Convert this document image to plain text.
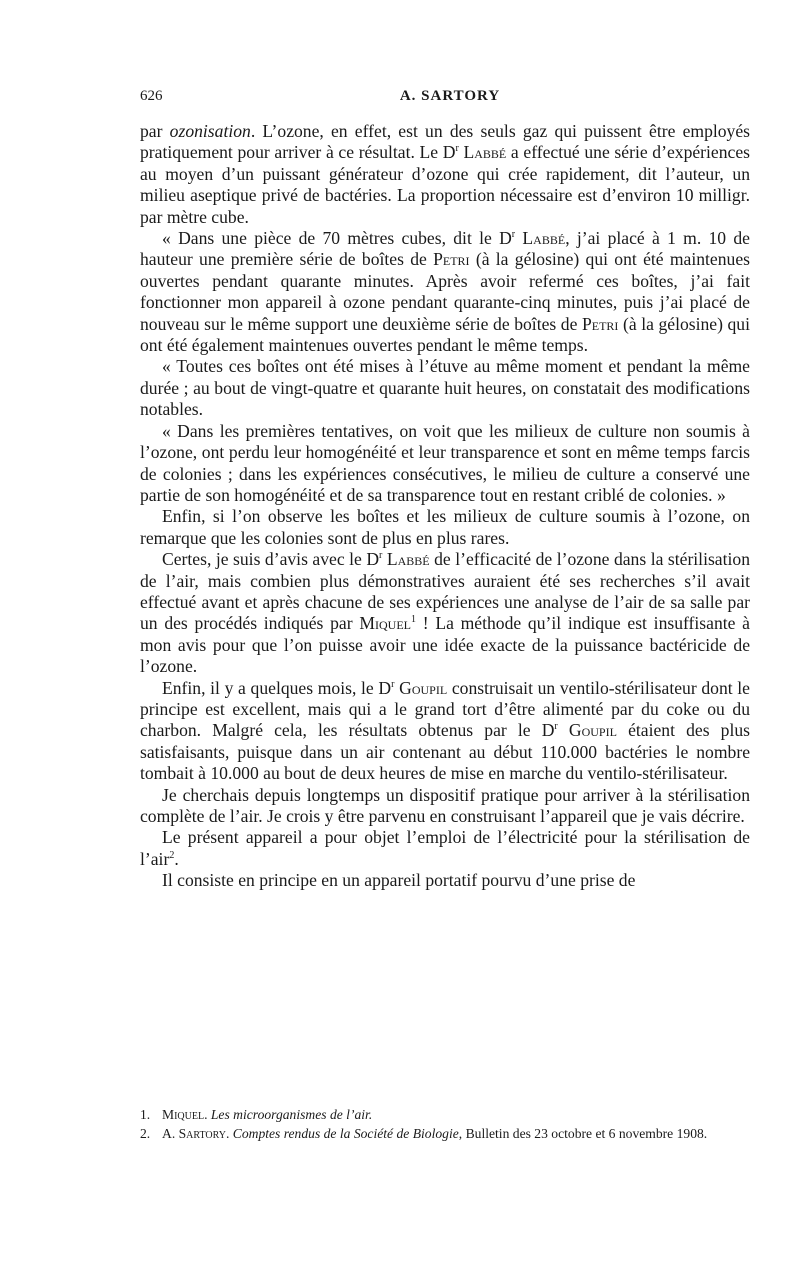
626	A. SARTORY

par ozonisation. L’ozone, en effet, est un des seuls gaz qui puissent être employés pratiquement pour arriver à ce résultat. Le $D^r$ Labbé a effectué une série d’expériences au moyen d’un puissant générateur d’ozone qui crée rapidement, dit l’auteur, un milieu aseptique privé de bactéries. La proportion nécessaire est d’environ 10 milligr. par mètre cube.

« Dans une pièce de 70 mètres cubes, dit le $D^r$ Labbé, j’ai placé à 1 m. 10 de hauteur une première série de boîtes de Petri (à la gélosine) qui ont été maintenues ouvertes pendant quarante minutes. Après avoir refermé ces boîtes, j’ai fait fonctionner mon appareil à ozone pendant quarante-cinq minutes, puis j’ai placé de nouveau sur le même support une deuxième série de boîtes de Petri (à la gélosine) qui ont été également maintenues ouvertes pendant le même temps.

« Toutes ces boîtes ont été mises à l’étuve au même moment et pendant la même durée ; au bout de vingt-quatre et quarante huit heures, on constatait des modifications notables.

« Dans les premières tentatives, on voit que les milieux de culture non soumis à l’ozone, ont perdu leur homogénéité et leur transparence et sont en même temps farcis de colonies ; dans les expériences consécutives, le milieu de culture a conservé une partie de son homogénéité et de sa transparence tout en restant criblé de colonies. »

Enfin, si l’on observe les boîtes et les milieux de culture soumis à l’ozone, on remarque que les colonies sont de plus en plus rares.

Certes, je suis d’avis avec le $D^r$ Labbé de l’efficacité de l’ozone dans la stérilisation de l’air, mais combien plus démonstratives auraient été ses recherches s’il avait effectué avant et après chacune de ses expériences une analyse de l’air de sa salle par un des procédés indiqués par Miquel$^1$ ! La méthode qu’il indique est insuffisante à mon avis pour que l’on puisse avoir une idée exacte de la puissance bactéricide de l’ozone.

Enfin, il y a quelques mois, le $D^r$ Goupil construisait un ventilo-stérilisateur dont le principe est excellent, mais qui a le grand tort d’être alimenté par du coke ou du charbon. Malgré cela, les résultats obtenus par le $D^r$ Goupil étaient des plus satisfaisants, puisque dans un air contenant au début 110.000 bactéries le nombre tombait à 10.000 au bout de deux heures de mise en marche du ventilo-stérilisateur.

Je cherchais depuis longtemps un dispositif pratique pour arriver à la stérilisation complète de l’air. Je crois y être parvenu en construisant l’appareil que je vais décrire.

Le présent appareil a pour objet l’emploi de l’électricité pour la stérilisation de l’air$^2$.

Il consiste en principe en un appareil portatif pourvu d’une prise de

1. Miquel. Les microorganismes de l’air.

2. A. Sartory. Comptes rendus de la Société de Biologie, Bulletin des 23 octobre et 6 novembre 1908.
